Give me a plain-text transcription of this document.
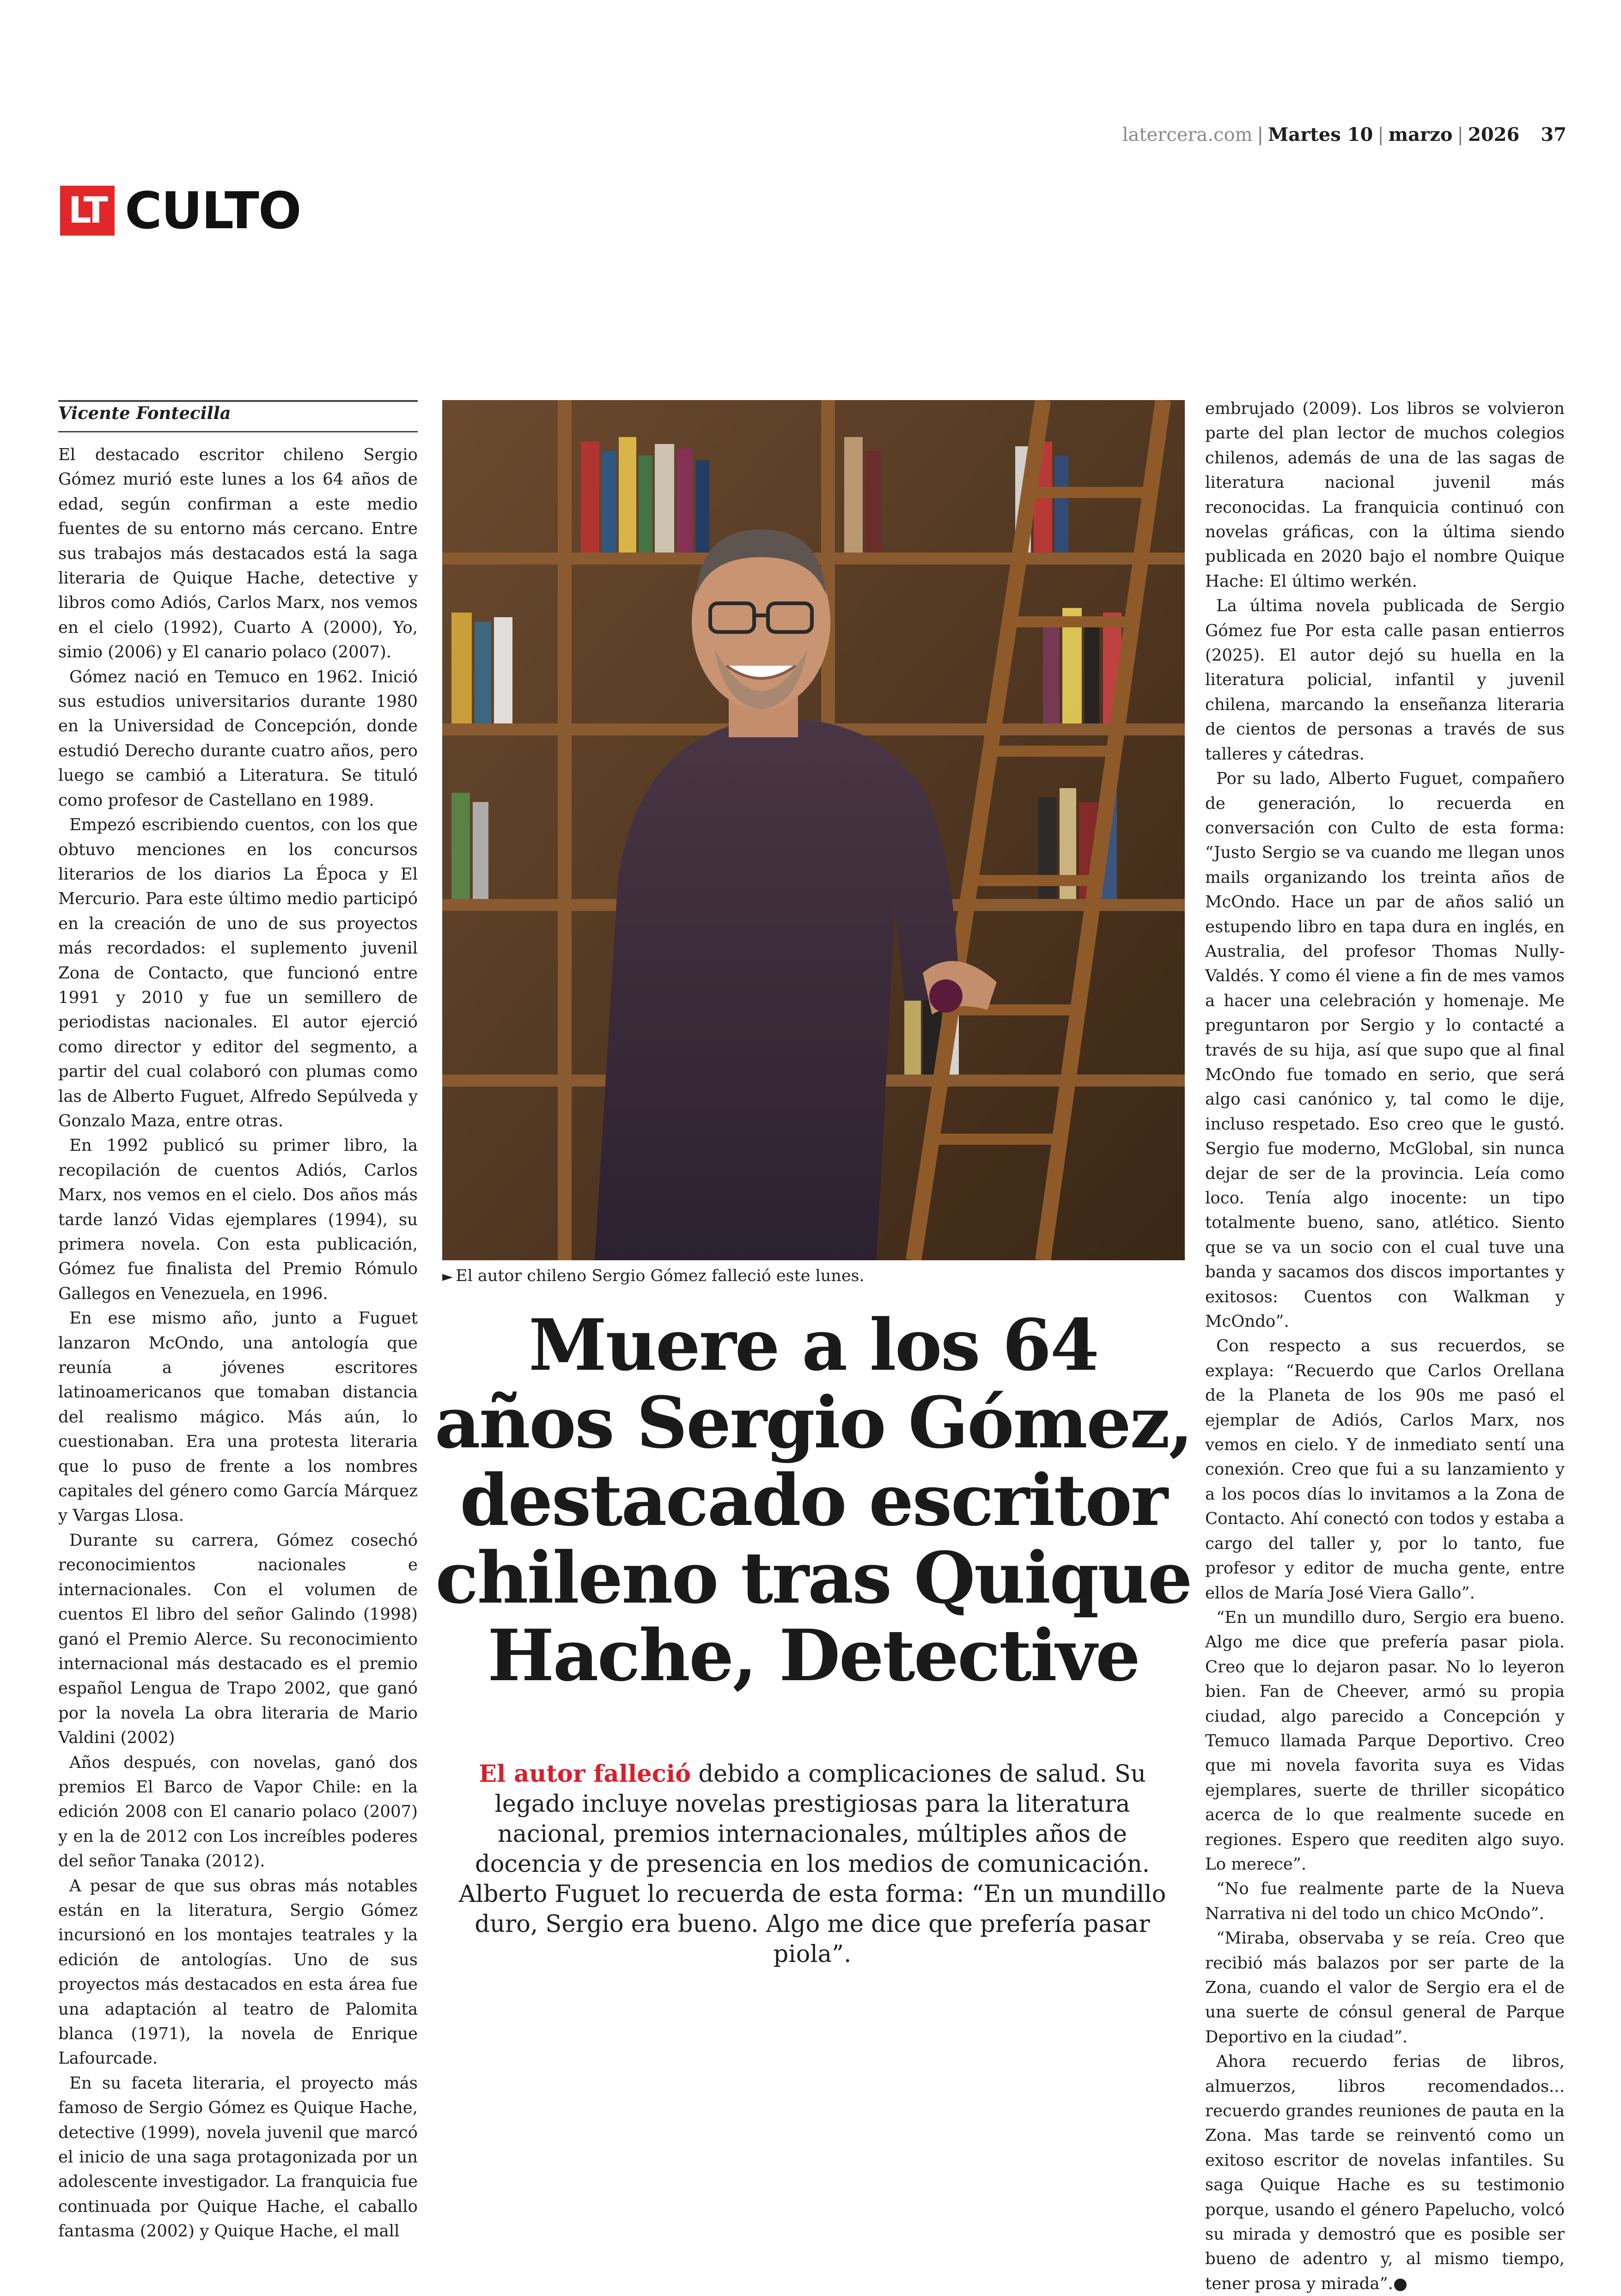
latercera.com | Martes 10 | marzo | 2026 37
LT CULTO
Vicente Fontecilla

El destacado escritor chileno Sergio Gómez murió este lunes a los 64 años de edad, según confirman a este medio fuentes de su entorno más cercano. Entre sus trabajos más destacados está la saga literaria de Quique Hache, detective y libros como Adiós, Carlos Marx, nos vemos en el cielo (1992), Cuarto A (2000), Yo, simio (2006) y El canario polaco (2007).

Gómez nació en Temuco en 1962. Inició sus estudios universitarios durante 1980 en la Universidad de Concepción, donde estudió Derecho durante cuatro años, pero luego se cambió a Literatura. Se tituló como profesor de Castellano en 1989.

Empezó escribiendo cuentos, con los que obtuvo menciones en los concursos literarios de los diarios La Época y El Mercurio. Para este último medio participó en la creación de uno de sus proyectos más recordados: el suplemento juvenil Zona de Contacto, que funcionó entre 1991 y 2010 y fue un semillero de periodistas nacionales. El autor ejerció como director y editor del segmento, a partir del cual colaboró con plumas como las de Alberto Fuguet, Alfredo Sepúlveda y Gonzalo Maza, entre otras.

En 1992 publicó su primer libro, la recopilación de cuentos Adiós, Carlos Marx, nos vemos en el cielo. Dos años más tarde lanzó Vidas ejemplares (1994), su primera novela. Con esta publicación, Gómez fue finalista del Premio Rómulo Gallegos en Venezuela, en 1996.

En ese mismo año, junto a Fuguet lanzaron McOndo, una antología que reunía a jóvenes escritores latinoamericanos que tomaban distancia del realismo mágico. Más aún, lo cuestionaban. Era una protesta literaria que lo puso de frente a los nombres capitales del género como García Márquez y Vargas Llosa.

Durante su carrera, Gómez cosechó reconocimientos nacionales e internacionales. Con el volumen de cuentos El libro del señor Galindo (1998) ganó el Premio Alerce. Su reconocimiento internacional más destacado es el premio español Lengua de Trapo 2002, que ganó por la novela La obra literaria de Mario Valdini (2002)

Años después, con novelas, ganó dos premios El Barco de Vapor Chile: en la edición 2008 con El canario polaco (2007) y en la de 2012 con Los increíbles poderes del señor Tanaka (2012).

A pesar de que sus obras más notables están en la literatura, Sergio Gómez incursionó en los montajes teatrales y la edición de antologías. Uno de sus proyectos más destacados en esta área fue una adaptación al teatro de Palomita blanca (1971), la novela de Enrique Lafourcade.

En su faceta literaria, el proyecto más famoso de Sergio Gómez es Quique Hache, detective (1999), novela juvenil que marcó el inicio de una saga protagonizada por un adolescente investigador. La franquicia fue continuada por Quique Hache, el caballo fantasma (2002) y Quique Hache, el mall

► El autor chileno Sergio Gómez falleció este lunes.
Muere a los 64 años Sergio Gómez, destacado escritor chileno tras Quique Hache, Detective
El autor falleció debido a complicaciones de salud. Su legado incluye novelas prestigiosas para la literatura nacional, premios internacionales, múltiples años de docencia y de presencia en los medios de comunicación. Alberto Fuguet lo recuerda de esta forma: “En un mundillo duro, Sergio era bueno. Algo me dice que prefería pasar piola”.

embrujado (2009). Los libros se volvieron parte del plan lector de muchos colegios chilenos, además de una de las sagas de literatura nacional juvenil más reconocidas. La franquicia continuó con novelas gráficas, con la última siendo publicada en 2020 bajo el nombre Quique Hache: El último werkén.

La última novela publicada de Sergio Gómez fue Por esta calle pasan entierros (2025). El autor dejó su huella en la literatura policial, infantil y juvenil chilena, marcando la enseñanza literaria de cientos de personas a través de sus talleres y cátedras.

Por su lado, Alberto Fuguet, compañero de generación, lo recuerda en conversación con Culto de esta forma: “Justo Sergio se va cuando me llegan unos mails organizando los treinta años de McOndo. Hace un par de años salió un estupendo libro en tapa dura en inglés, en Australia, del profesor Thomas Nully-Valdés. Y como él viene a fin de mes vamos a hacer una celebración y homenaje. Me preguntaron por Sergio y lo contacté a través de su hija, así que supo que al final McOndo fue tomado en serio, que será algo casi canónico y, tal como le dije, incluso respetado. Eso creo que le gustó. Sergio fue moderno, McGlobal, sin nunca dejar de ser de la provincia. Leía como loco. Tenía algo inocente: un tipo totalmente bueno, sano, atlético. Siento que se va un socio con el cual tuve una banda y sacamos dos discos importantes y exitosos: Cuentos con Walkman y McOndo”.

Con respecto a sus recuerdos, se explaya: “Recuerdo que Carlos Orellana de la Planeta de los 90s me pasó el ejemplar de Adiós, Carlos Marx, nos vemos en cielo. Y de inmediato sentí una conexión. Creo que fui a su lanzamiento y a los pocos días lo invitamos a la Zona de Contacto. Ahí conectó con todos y estaba a cargo del taller y, por lo tanto, fue profesor y editor de mucha gente, entre ellos de María José Viera Gallo”.

“En un mundillo duro, Sergio era bueno. Algo me dice que prefería pasar piola. Creo que lo dejaron pasar. No lo leyeron bien. Fan de Cheever, armó su propia ciudad, algo parecido a Concepción y Temuco llamada Parque Deportivo. Creo que mi novela favorita suya es Vidas ejemplares, suerte de thriller sicopático acerca de lo que realmente sucede en regiones. Espero que reediten algo suyo. Lo merece”.

“No fue realmente parte de la Nueva Narrativa ni del todo un chico McOndo”.

“Miraba, observaba y se reía. Creo que recibió más balazos por ser parte de la Zona, cuando el valor de Sergio era el de una suerte de cónsul general de Parque Deportivo en la ciudad”.

Ahora recuerdo ferias de libros, almuerzos, libros recomendados... recuerdo grandes reuniones de pauta en la Zona. Mas tarde se reinventó como un exitoso escritor de novelas infantiles. Su saga Quique Hache es su testimonio porque, usando el género Papelucho, volcó su mirada y demostró que es posible ser bueno de adentro y, al mismo tiempo, tener prosa y mirada”.●
